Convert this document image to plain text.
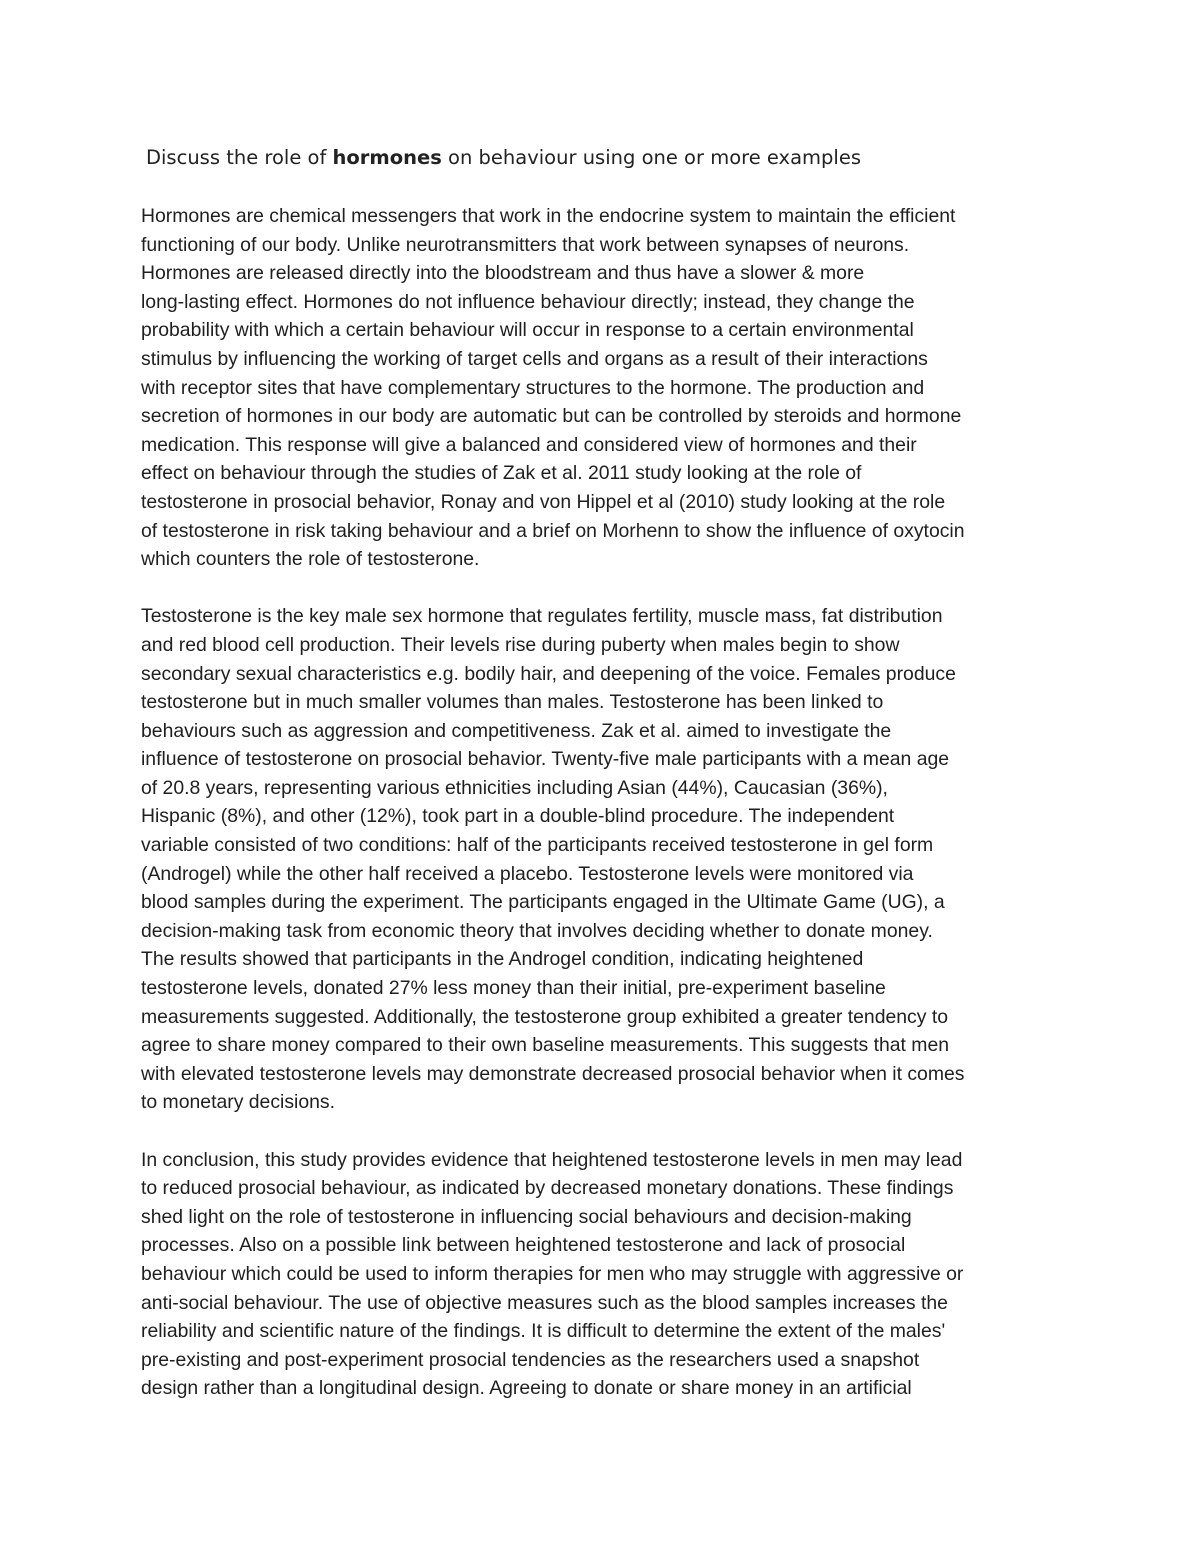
Discuss the role of hormones on behaviour using one or more examples

Hormones are chemical messengers that work in the endocrine system to maintain the efficient
functioning of our body. Unlike neurotransmitters that work between synapses of neurons.
Hormones are released directly into the bloodstream and thus have a slower & more
long-lasting effect. Hormones do not influence behaviour directly; instead, they change the
probability with which a certain behaviour will occur in response to a certain environmental
stimulus by influencing the working of target cells and organs as a result of their interactions
with receptor sites that have complementary structures to the hormone. The production and
secretion of hormones in our body are automatic but can be controlled by steroids and hormone
medication. This response will give a balanced and considered view of hormones and their
effect on behaviour through the studies of Zak et al. 2011 study looking at the role of
testosterone in prosocial behavior, Ronay and von Hippel et al (2010) study looking at the role
of testosterone in risk taking behaviour and a brief on Morhenn to show the influence of oxytocin
which counters the role of testosterone.

Testosterone is the key male sex hormone that regulates fertility, muscle mass, fat distribution
and red blood cell production. Their levels rise during puberty when males begin to show
secondary sexual characteristics e.g. bodily hair, and deepening of the voice. Females produce
testosterone but in much smaller volumes than males. Testosterone has been linked to
behaviours such as aggression and competitiveness. Zak et al. aimed to investigate the
influence of testosterone on prosocial behavior. Twenty-five male participants with a mean age
of 20.8 years, representing various ethnicities including Asian (44%), Caucasian (36%),
Hispanic (8%), and other (12%), took part in a double-blind procedure. The independent
variable consisted of two conditions: half of the participants received testosterone in gel form
(Androgel) while the other half received a placebo. Testosterone levels were monitored via
blood samples during the experiment. The participants engaged in the Ultimate Game (UG), a
decision-making task from economic theory that involves deciding whether to donate money.
The results showed that participants in the Androgel condition, indicating heightened
testosterone levels, donated 27% less money than their initial, pre-experiment baseline
measurements suggested. Additionally, the testosterone group exhibited a greater tendency to
agree to share money compared to their own baseline measurements. This suggests that men
with elevated testosterone levels may demonstrate decreased prosocial behavior when it comes
to monetary decisions.

In conclusion, this study provides evidence that heightened testosterone levels in men may lead
to reduced prosocial behaviour, as indicated by decreased monetary donations. These findings
shed light on the role of testosterone in influencing social behaviours and decision-making
processes. Also on a possible link between heightened testosterone and lack of prosocial
behaviour which could be used to inform therapies for men who may struggle with aggressive or
anti-social behaviour. The use of objective measures such as the blood samples increases the
reliability and scientific nature of the findings. It is difficult to determine the extent of the males'
pre-existing and post-experiment prosocial tendencies as the researchers used a snapshot
design rather than a longitudinal design. Agreeing to donate or share money in an artificial
